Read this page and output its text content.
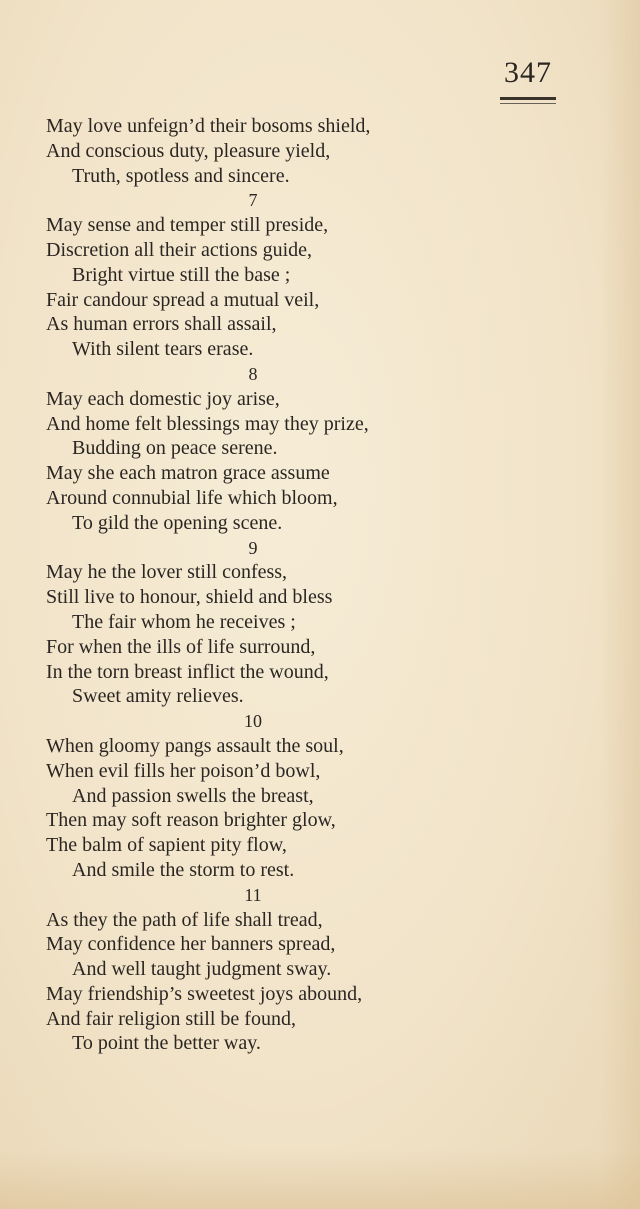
347
May love unfeign’d their bosoms shield,
And conscious duty, pleasure yield,
Truth, spotless and sincere.
7
May sense and temper still preside,
Discretion all their actions guide,
Bright virtue still the base ;
Fair candour spread a mutual veil,
As human errors shall assail,
With silent tears erase.
8
May each domestic joy arise,
And home felt blessings may they prize,
Budding on peace serene.
May she each matron grace assume
Around connubial life which bloom,
To gild the opening scene.
9
May he the lover still confess,
Still live to honour, shield and bless
The fair whom he receives ;
For when the ills of life surround,
In the torn breast inflict the wound,
Sweet amity relieves.
10
When gloomy pangs assault the soul,
When evil fills her poison’d bowl,
And passion swells the breast,
Then may soft reason brighter glow,
The balm of sapient pity flow,
And smile the storm to rest.
11
As they the path of life shall tread,
May confidence her banners spread,
And well taught judgment sway.
May friendship’s sweetest joys abound,
And fair religion still be found,
To point the better way.
